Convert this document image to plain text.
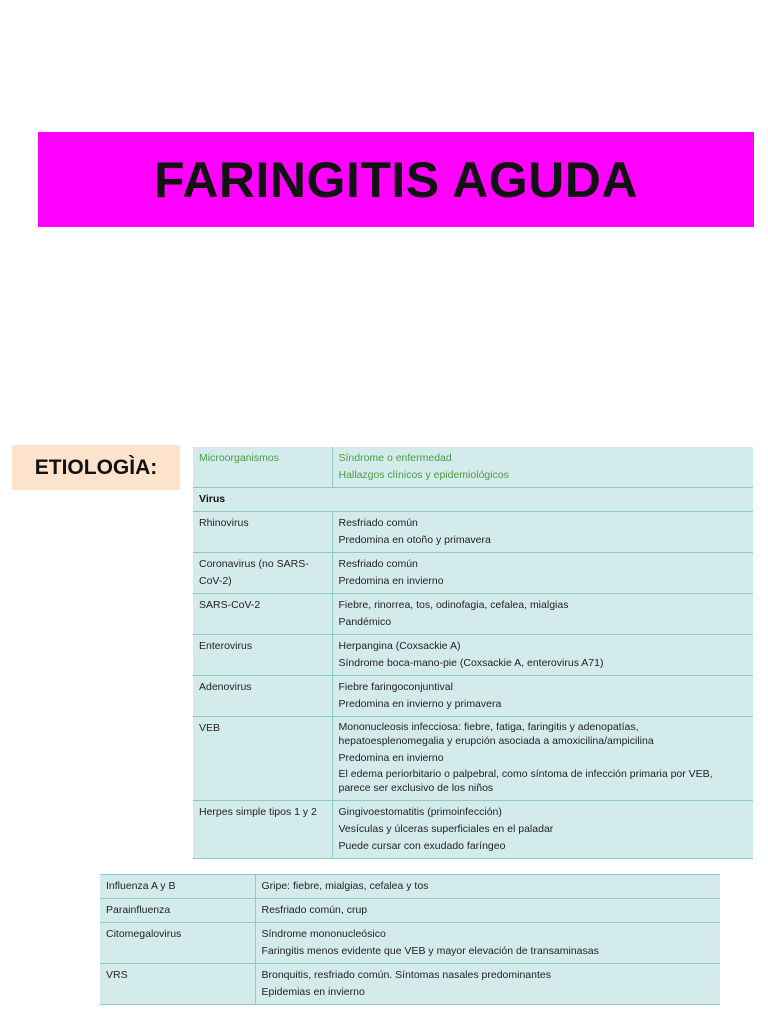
FARINGITIS AGUDA
ETIOLOGÌA:	Microorganismos	Síndrome o enfermedad
Hallazgos clínicos y epidemiológicos

Virus	
Rhinovirus	Resfriado común
Predomina en otoño y primavera

Coronavirus (no SARS-CoV-2)	Resfriado común
Predomina en invierno

SARS-CoV-2	Fiebre, rinorrea, tos, odinofagia, cefalea, mialgias
Pandémico

Enterovirus	Herpangina (Coxsackie A)
Síndrome boca-mano-pie (Coxsackie A, enterovirus A71)

Adenovirus	Fiebre faringoconjuntival
Predomina en invierno y primavera

VEB	Mononucleosis infecciosa: fiebre, fatiga, faringitis y adenopatías, hepatoesplenomegalia y erupción asociada a amoxicilina/ampicilina
Predomina en invierno
El edema periorbitario o palpebral, como síntoma de infección primaria por VEB, parece ser exclusivo de los niños

Herpes simple tipos 1 y 2	Gingivoestomatitis (primoinfección)
Vesículas y úlceras superficiales en el paladar
Puede cursar con exudado faríngeo
Influenza A y B	Gripe: fiebre, mialgias, cefalea y tos

Parainfluenza	Resfriado común, crup

Citomegalovirus	Síndrome mononucleósico
Faringitis menos evidente que VEB y mayor elevación de transaminasas

VRS	Bronquitis, resfriado común. Síntomas nasales predominantes
Epidemias en invierno
